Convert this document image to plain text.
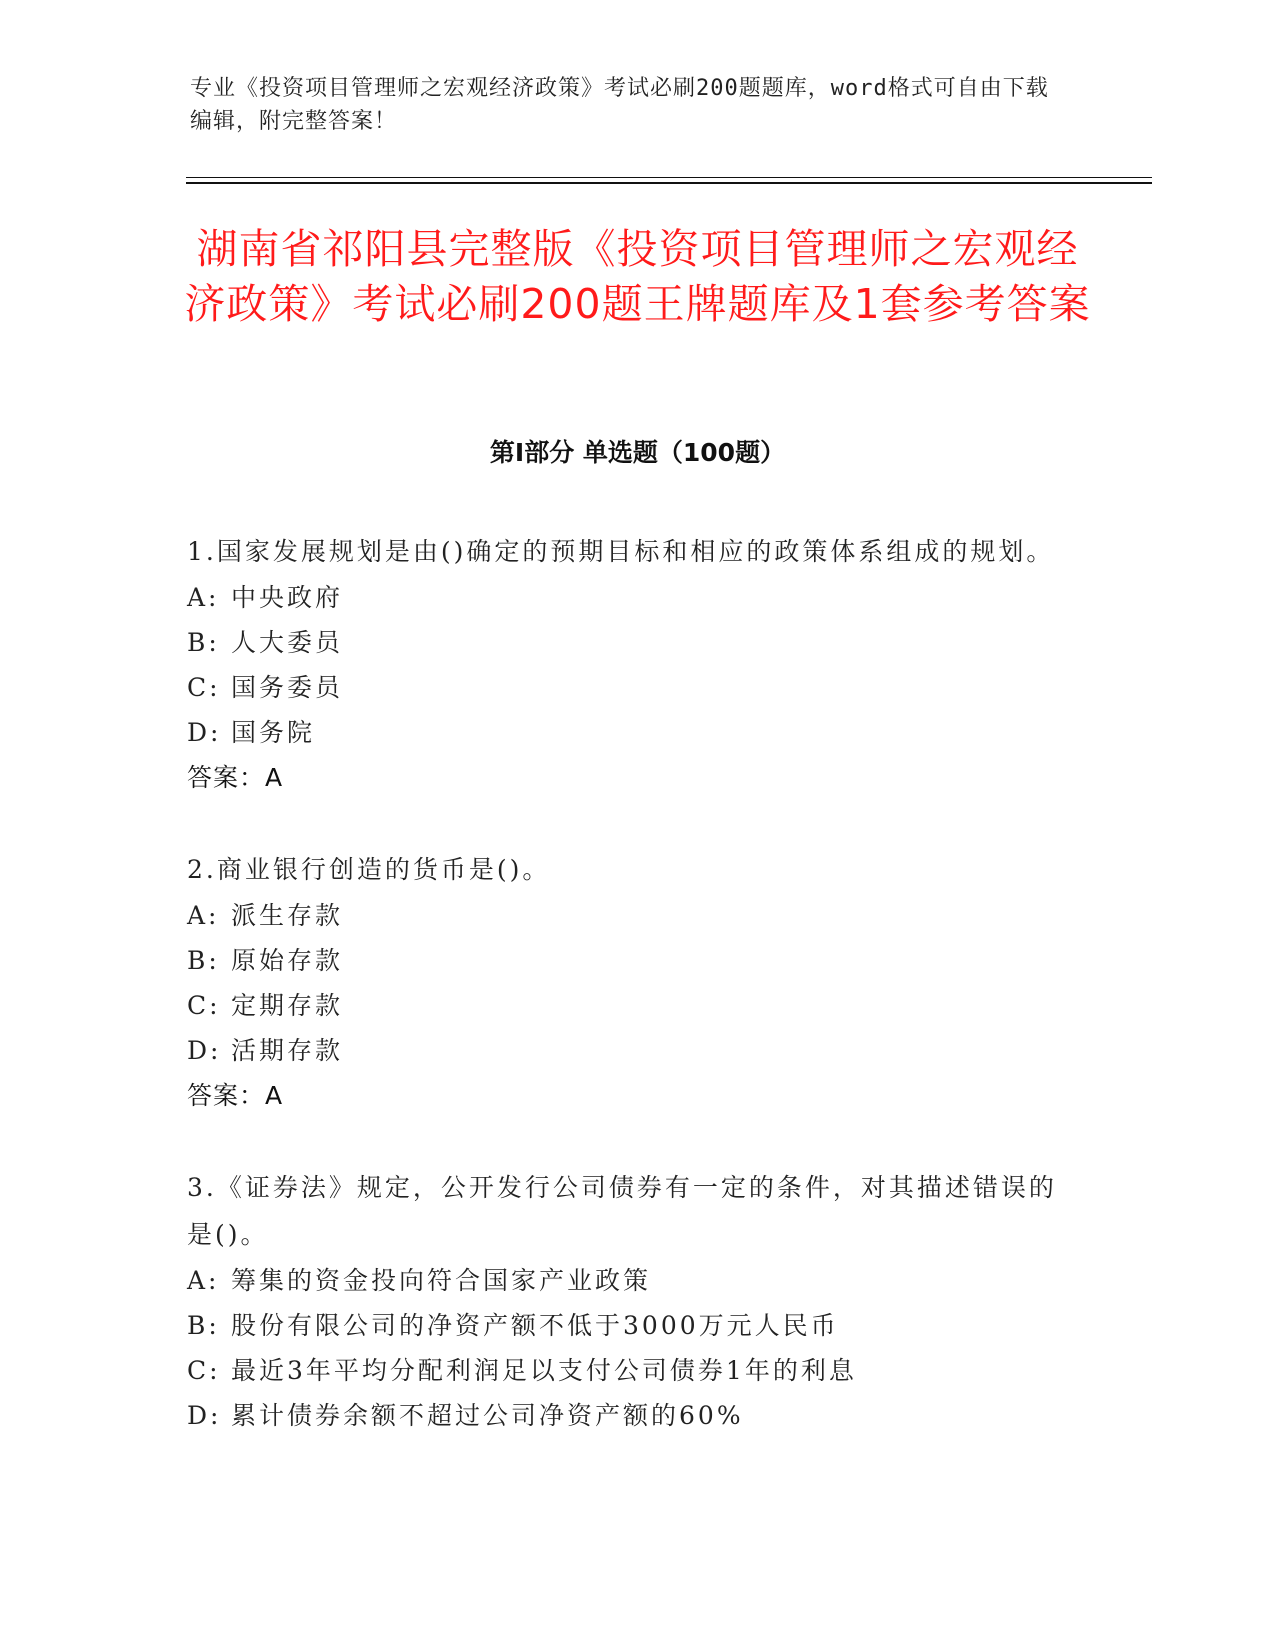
专业《投资项目管理师之宏观经济政策》考试必刷200题题库，word格式可自由下载编辑，附完整答案！
湖南省祁阳县完整版《投资项目管理师之宏观经济政策》考试必刷200题王牌题库及1套参考答案
第I部分 单选题（100题）
1.国家发展规划是由()确定的预期目标和相应的政策体系组成的规划。
A: 中央政府
B: 人大委员
C: 国务委员
D: 国务院
答案：A
2.商业银行创造的货币是()。
A: 派生存款
B: 原始存款
C: 定期存款
D: 活期存款
答案：A
3.《证券法》规定，公开发行公司债券有一定的条件，对其描述错误的是()。
A: 筹集的资金投向符合国家产业政策
B: 股份有限公司的净资产额不低于3000万元人民币
C: 最近3年平均分配利润足以支付公司债券1年的利息
D: 累计债券余额不超过公司净资产额的60%
